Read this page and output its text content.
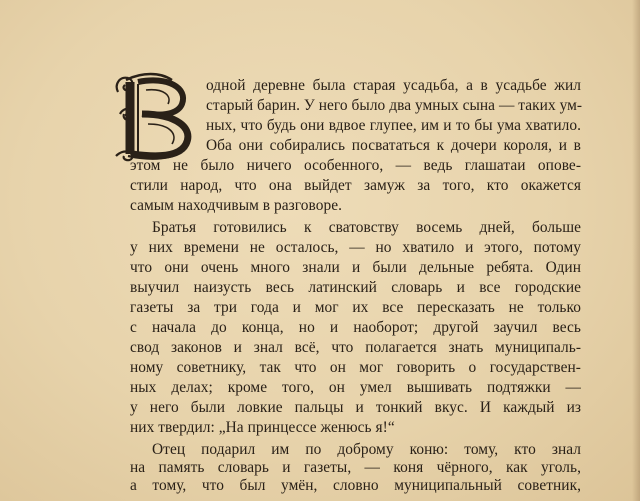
одной деревне была старая усадьба, а в усадьбе жил
старый барин. У него было два умных сына — таких ум-
ных, что будь они вдвое глупее, им и то бы ума хватило.
Оба они собирались посвататься к дочери короля, и в
этом не было ничего особенного, — ведь глашатаи опове-
стили народ, что она выйдет замуж за того, кто окажется
самым находчивым в разговоре.
Братья готовились к сватовству восемь дней, больше
у них времени не осталось, — но хватило и этого, потому
что они очень много знали и были дельные ребята. Один
выучил наизусть весь латинский словарь и все городские
газеты за три года и мог их все пересказать не только
с начала до конца, но и наоборот; другой заучил весь
свод законов и знал всё, что полагается знать муниципаль-
ному советнику, так что он мог говорить о государствен-
ных делах; кроме того, он умел вышивать подтяжки —
у него были ловкие пальцы и тонкий вкус. И каждый из
них твердил: „На принцессе женюсь я!“
Отец подарил им по доброму коню: тому, кто знал
на память словарь и газеты, — коня чёрного, как уголь,
а тому, что был умён, словно муниципальный советник,
